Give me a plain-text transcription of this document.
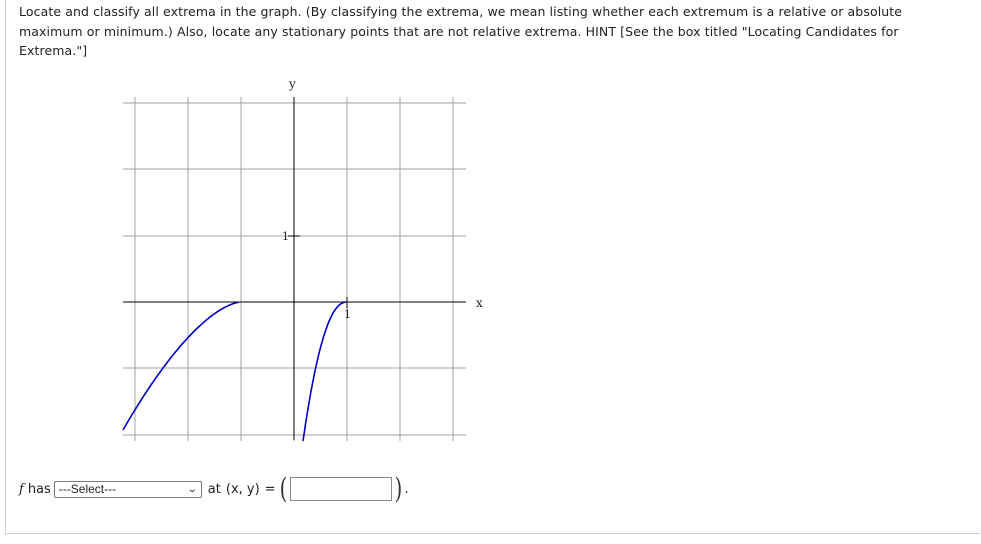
Locate and classify all extrema in the graph. (By classifying the extrema, we mean listing whether each extremum is a relative or absolute maximum or minimum.) Also, locate any stationary points that are not relative extrema. HINT [See the box titled "Locating Candidates for Extrema."]

y
x
1
1
f has ---Select---	⌄ at (x, y) = (	) .
